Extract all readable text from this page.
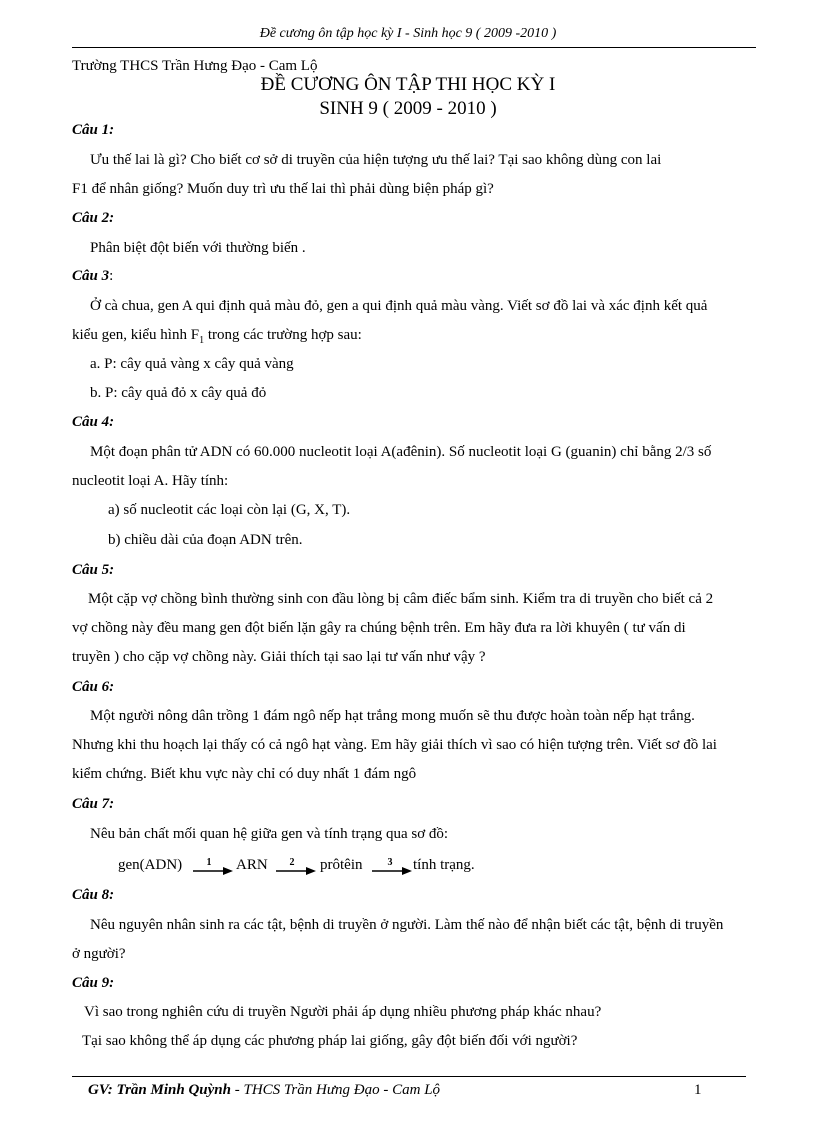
Đề cương ôn tập học kỳ I - Sinh học 9 ( 2009 -2010 )
Trường THCS Trần Hưng Đạo - Cam Lộ
ĐỀ CƯƠNG ÔN TẬP THI HỌC KỲ I
SINH 9 ( 2009 - 2010 )
Câu 1:
Ưu thế lai là gì? Cho biết cơ sở di truyền của hiện tượng ưu thế lai? Tại sao không dùng con lai
F1 để nhân giống? Muốn duy trì ưu thế lai thì phải dùng biện pháp gì?
Câu 2:
Phân biệt đột biến với thường biến .
Câu 3:
Ở cà chua, gen A qui định quả màu đỏ, gen a qui định quả màu vàng. Viết sơ đồ lai và xác định kết quả
kiểu gen, kiểu hình $F_1$ trong các trường hợp sau:
a. P: cây quả vàng x cây quả vàng
b. P: cây quả đỏ x cây quả đỏ
Câu 4:
Một đoạn phân tử ADN có 60.000 nucleotit loại A(ađênin). Số nucleotit loại G (guanin) chỉ bằng 2/3 số
nucleotit loại A. Hãy tính:
a) số nucleotit các loại còn lại (G, X, T).
b) chiều dài của đoạn ADN trên.
Câu 5:
Một cặp vợ chồng bình thường sinh con đầu lòng bị câm điếc bẩm sinh. Kiểm tra di truyền cho biết cả 2
vợ chồng này đều mang gen đột biến lặn gây ra chúng bệnh trên. Em hãy đưa ra lời khuyên ( tư vấn di
truyền ) cho cặp vợ chồng này. Giải thích tại sao lại tư vấn như vậy ?
Câu 6:
Một người nông dân trồng 1 đám ngô nếp hạt trắng mong muốn sẽ thu được hoàn toàn nếp hạt trắng.
Nhưng khi thu hoạch lại thấy có cả ngô hạt vàng. Em hãy giải thích vì sao có hiện tượng trên. Viết sơ đồ lai
kiểm chứng. Biết khu vực này chỉ có duy nhất 1 đám ngô
Câu 7:
Nêu bản chất mối quan hệ giữa gen và tính trạng qua sơ đồ:
gen(ADN) 1 ARN 2 prôtêin	3 tính trạng.
Câu 8:
Nêu nguyên nhân sinh ra các tật, bệnh di truyền ở người. Làm thế nào để nhận biết các tật, bệnh di truyền
ở người?
Câu 9:
Vì sao trong nghiên cứu di truyền Người phải áp dụng nhiều phương pháp khác nhau?
Tại sao không thể áp dụng các phương pháp lai giống, gây đột biến đối với người?
GV: Trần Minh Quỳnh - THCS Trần Hưng Đạo - Cam Lộ	1
